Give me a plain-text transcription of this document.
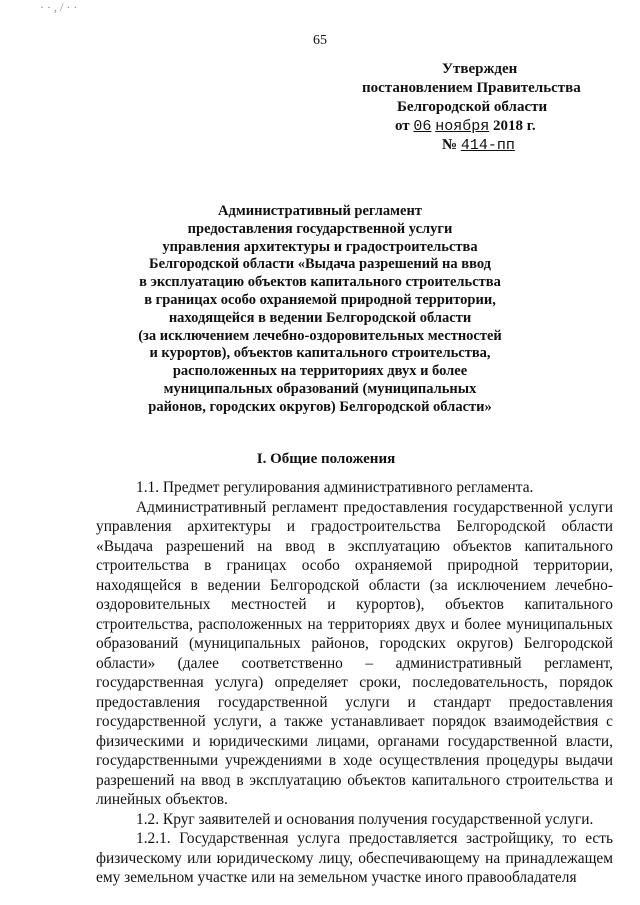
· · , / · ·
65
Утвержден
постановлением Правительства
Белгородской области
от 06 ноября 2018 г.
№ 414-пп
Административный регламент
предоставления государственной услуги
управления архитектуры и градостроительства
Белгородской области «Выдача разрешений на ввод
в эксплуатацию объектов капитального строительства
в границах особо охраняемой природной территории,
находящейся в ведении Белгородской области
(за исключением лечебно-оздоровительных местностей
и курортов), объектов капитального строительства,
расположенных на территориях двух и более
муниципальных образований (муниципальных
районов, городских округов) Белгородской области»
I. Общие положения

1.1. Предмет регулирования административного регламента.

Административный регламент предоставления государственной услуги управления архитектуры и градостроительства Белгородской области «Выдача разрешений на ввод в эксплуатацию объектов капитального строительства в границах особо охраняемой природной территории, находящейся в ведении Белгородской области (за исключением лечебно-оздоровительных местностей и курортов), объектов капитального строительства, расположенных на территориях двух и более муниципальных образований (муниципальных районов, городских округов) Белгородской области» (далее соответственно – административный регламент, государственная услуга) определяет сроки, последовательность, порядок предоставления государственной услуги и стандарт предоставления государственной услуги, а также устанавливает порядок взаимодействия с физическими и юридическими лицами, органами государственной власти, государственными учреждениями в ходе осуществления процедуры выдачи разрешений на ввод в эксплуатацию объектов капитального строительства и линейных объектов.

1.2. Круг заявителей и основания получения государственной услуги.

1.2.1. Государственная услуга предоставляется застройщику, то есть физическому или юридическому лицу, обеспечивающему на принадлежащем ему земельном участке или на земельном участке иного правообладателя
